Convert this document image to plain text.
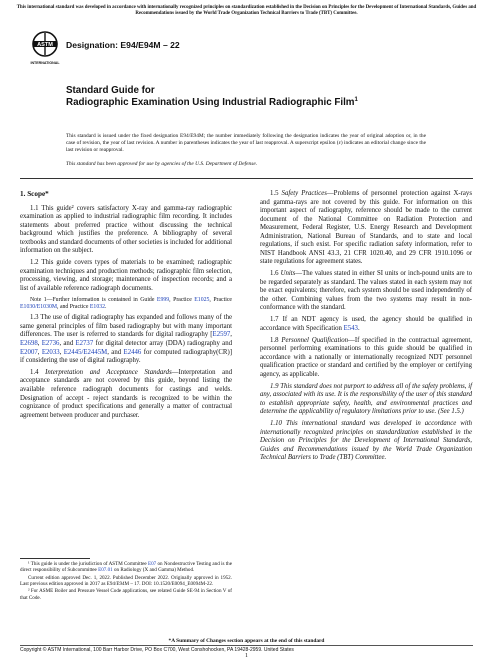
This international standard was developed in accordance with internationally recognized principles on standardization established in the Decision on Principles for the Development of International Standards, Guides and Recommendations issued by the World Trade Organization Technical Barriers to Trade (TBT) Committee.
ASTM
INTERNATIONAL
Designation: E94/E94M – 22
Standard Guide for
Radiographic Examination Using Industrial Radiographic Film$^1$
This standard is issued under the fixed designation E94/E94M; the number immediately following the designation indicates the year of original adoption or, in the case of revision, the year of last revision. A number in parentheses indicates the year of last reapproval. A superscript epsilon (ε) indicates an editorial change since the last revision or reapproval.
This standard has been approved for use by agencies of the U.S. Department of Defense.
1. Scope*

1.1 This guide² covers satisfactory X-ray and gamma-ray radiographic examination as applied to industrial radiographic film recording. It includes statements about preferred practice without discussing the technical background which justifies the preference. A bibliography of several textbooks and standard documents of other societies is included for additional information on the subject.

1.2 This guide covers types of materials to be examined; radiographic examination techniques and production methods; radiographic film selection, processing, viewing, and storage; maintenance of inspection records; and a list of available reference radiograph documents.

Note 1—Further information is contained in Guide E999, Practice E1025, Practice E1030/E1030M, and Practice E1032.

1.3 The use of digital radiography has expanded and follows many of the same general principles of film based radiography but with many important differences. The user is referred to standards for digital radiography [E2597, E2698, E2736, and E2737 for digital detector array (DDA) radiography and E2007, E2033, E2445/E2445M, and E2446 for computed radiography(CR)] if considering the use of digital radiography.

1.4 Interpretation and Acceptance Standards—Interpretation and acceptance standards are not covered by this guide, beyond listing the available reference radiograph documents for castings and welds. Designation of accept - reject standards is recognized to be within the cognizance of product specifications and generally a matter of contractual agreement between producer and purchaser.

1.5 Safety Practices—Problems of personnel protection against X-rays and gamma-rays are not covered by this guide. For information on this important aspect of radiography, reference should be made to the current document of the National Committee on Radiation Protection and Measurement, Federal Register, U.S. Energy Research and Development Administration, National Bureau of Standards, and to state and local regulations, if such exist. For specific radiation safety information, refer to NIST Handbook ANSI 43.3, 21 CFR 1020.40, and 29 CFR 1910.1096 or state regulations for agreement states.

1.6 Units—The values stated in either SI units or inch-pound units are to be regarded separately as standard. The values stated in each system may not be exact equivalents; therefore, each system should be used independently of the other. Combining values from the two systems may result in non-conformance with the standard.

1.7 If an NDT agency is used, the agency should be qualified in accordance with Specification E543.

1.8 Personnel Qualification—If specified in the contractual agreement, personnel performing examinations to this guide should be qualified in accordance with a nationally or internationally recognized NDT personnel qualification practice or standard and certified by the employer or certifying agency, as applicable.

1.9 This standard does not purport to address all of the safety problems, if any, associated with its use. It is the responsibility of the user of this standard to establish appropriate safety, health, and environmental practices and determine the applicability of regulatory limitations prior to use. (See 1.5.)

1.10 This international standard was developed in accordance with internationally recognized principles on standardization established in the Decision on Principles for the Development of International Standards, Guides and Recommendations issued by the World Trade Organization Technical Barriers to Trade (TBT) Committee.

¹ This guide is under the jurisdiction of ASTM Committee E07 on Nondestructive Testing and is the direct responsibility of Subcommittee E07.01 on Radiology (X and Gamma) Method.

Current edition approved Dec. 1, 2022. Published December 2022. Originally approved in 1952. Last previous edition approved in 2017 as E94/E94M – 17. DOI: 10.1520/E0094_E0094M-22.

² For ASME Boiler and Pressure Vessel Code applications, see related Guide SE-94 in Section V of that Code.

*A Summary of Changes section appears at the end of this standard
Copyright © ASTM International, 100 Barr Harbor Drive, PO Box C700, West Conshohocken, PA 19428-2959. United States
1
